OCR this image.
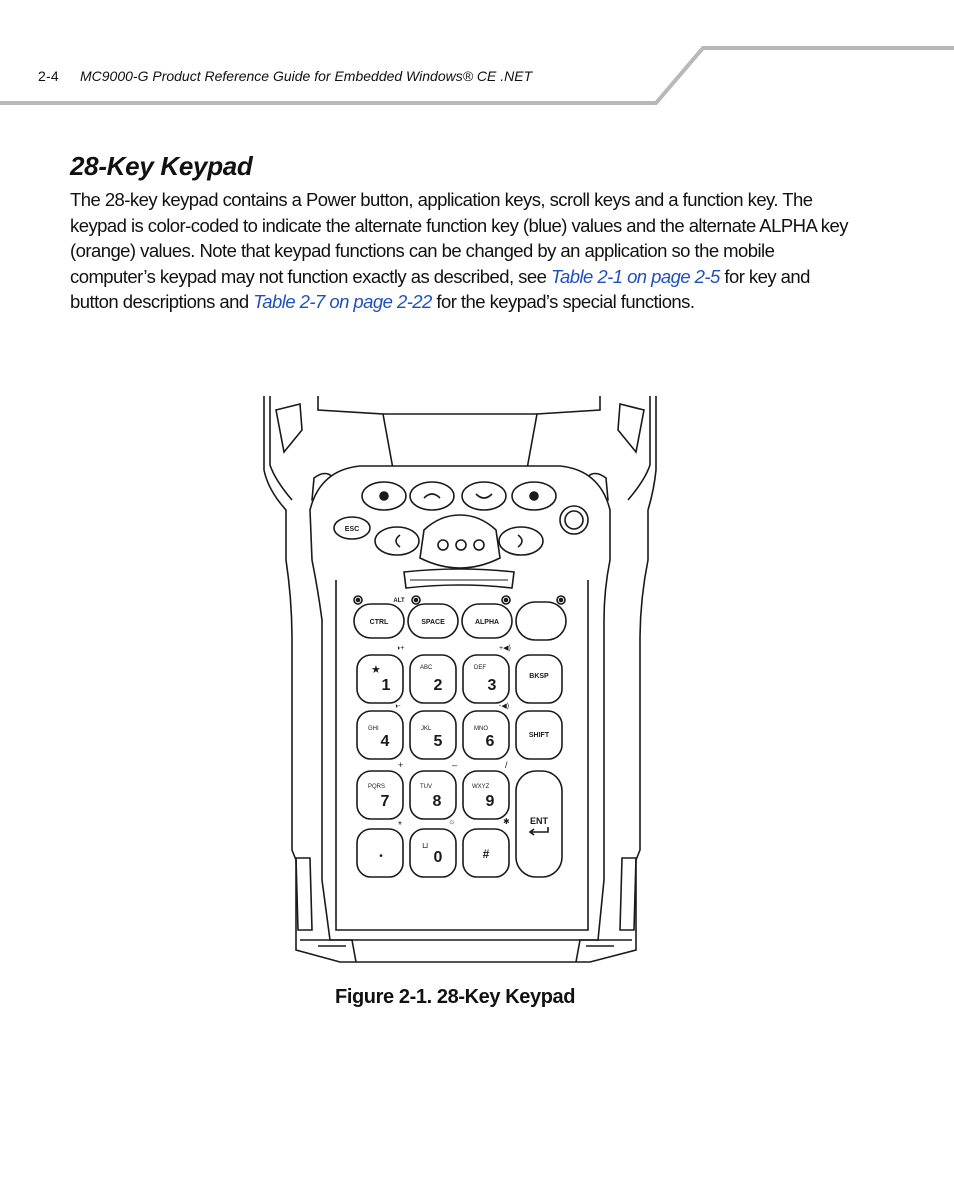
2-4 MC9000-G Product Reference Guide for Embedded Windows® CE .NET
28-Key Keypad

The 28-key keypad contains a Power button, application keys, scroll keys and a function key. The keypad is color-coded to indicate the alternate function key (blue) values and the alternate ALPHA key (orange) values. Note that keypad functions can be changed by an application so the mobile computer’s keypad may not function exactly as described, see Table 2-1 on page 2-5 for key and button descriptions and Table 2-7 on page 2-22 for the keypad’s special functions.

ESC
ALT
CTRL	SPACE	ALPHA
1
★	ABC
2
DEF
3
BKSP
◑+	+◀)
GHI
4
JKL
5
MNO
6	SHIFT
◑-	-◀)
+	–	/
PQRS
7
TUV
8
WXYZ
9
*	☼	✱
•
⊔
0	#
ENT
Figure 2-1. 28-Key Keypad
